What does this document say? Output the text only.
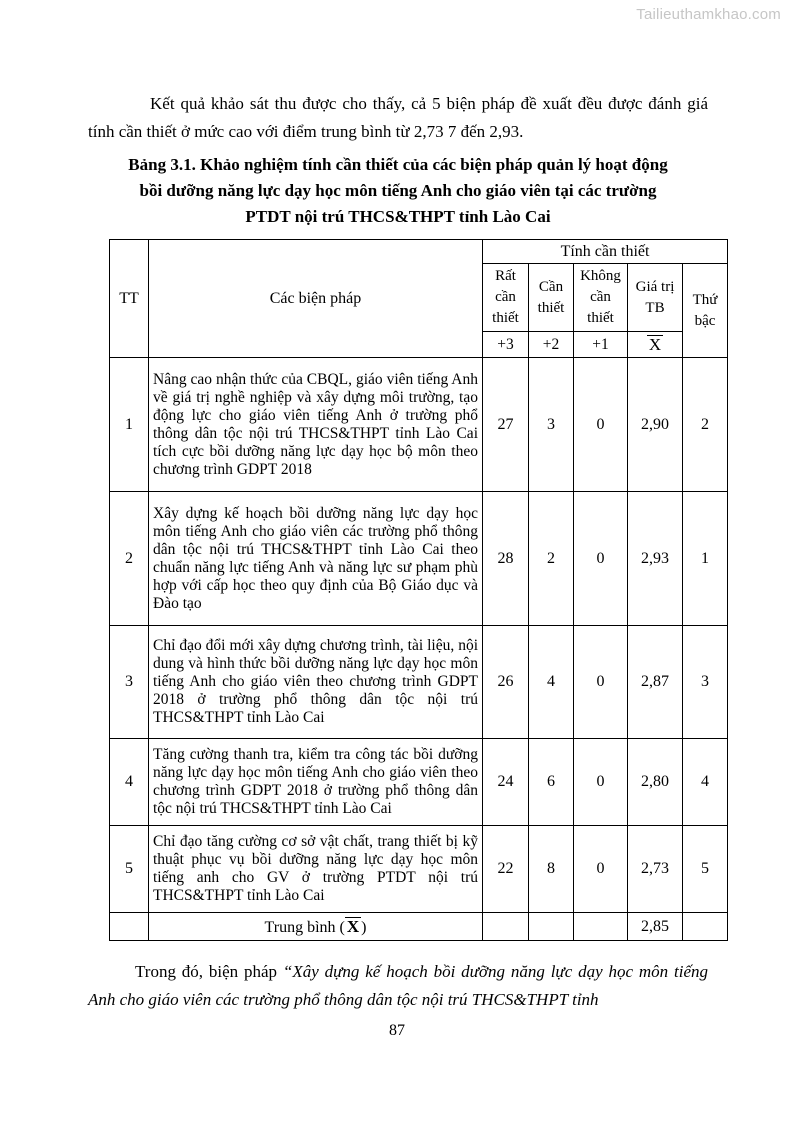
Tailieuthamkhao.com

Kết quả khảo sát thu được cho thấy, cả 5 biện pháp đề xuất đều được đánh giá tính cần thiết ở mức cao với điểm trung bình từ 2,73 7 đến 2,93.

Bảng 3.1. Khảo nghiệm tính cần thiết của các biện pháp quản lý hoạt động
bồi dưỡng năng lực dạy học môn tiếng Anh cho giáo viên tại các trường
PTDT nội trú THCS&THPT tỉnh Lào Cai
TT	Các biện pháp	Tính cần thiết				
		Rất cần thiết	Cần thiết	Không cần thiết	Giá trị TB	Thứ bậc
		+3	+2	+1	X	
1	Nâng cao nhận thức của CBQL, giáo viên tiếng Anh về giá trị nghề nghiệp và xây dựng môi trường, tạo động lực cho giáo viên tiếng Anh ở trường phổ thông dân tộc nội trú THCS&THPT tỉnh Lào Cai tích cực bồi dưỡng năng lực dạy học bộ môn theo chương trình GDPT 2018	27	3	0	2,90	2
2	Xây dựng kế hoạch bồi dưỡng năng lực dạy học môn tiếng Anh cho giáo viên các trường phổ thông dân tộc nội trú THCS&THPT tỉnh Lào Cai theo chuẩn năng lực tiếng Anh và năng lực sư phạm phù hợp với cấp học theo quy định của Bộ Giáo dục và Đào tạo	28	2	0	2,93	1
3	Chỉ đạo đổi mới xây dựng chương trình, tài liệu, nội dung và hình thức bồi dưỡng năng lực dạy học môn tiếng Anh cho giáo viên theo chương trình GDPT 2018 ở trường phổ thông dân tộc nội trú THCS&THPT tỉnh Lào Cai	26	4	0	2,87	3
4	Tăng cường thanh tra, kiểm tra công tác bồi dưỡng năng lực dạy học môn tiếng Anh cho giáo viên theo chương trình GDPT 2018 ở trường phổ thông dân tộc nội trú THCS&THPT tỉnh Lào Cai	24	6	0	2,80	4
5	Chỉ đạo tăng cường cơ sở vật chất, trang thiết bị kỹ thuật phục vụ bồi dưỡng năng lực dạy học môn tiếng anh cho GV ở trường PTDT nội trú THCS&THPT tỉnh Lào Cai	22	8	0	2,73	5
	Trung bình ( X )				2,85	

Trong đó, biện pháp “Xây dựng kế hoạch bồi dưỡng năng lực dạy học môn tiếng Anh cho giáo viên các trường phổ thông dân tộc nội trú THCS&THPT tỉnh

87
